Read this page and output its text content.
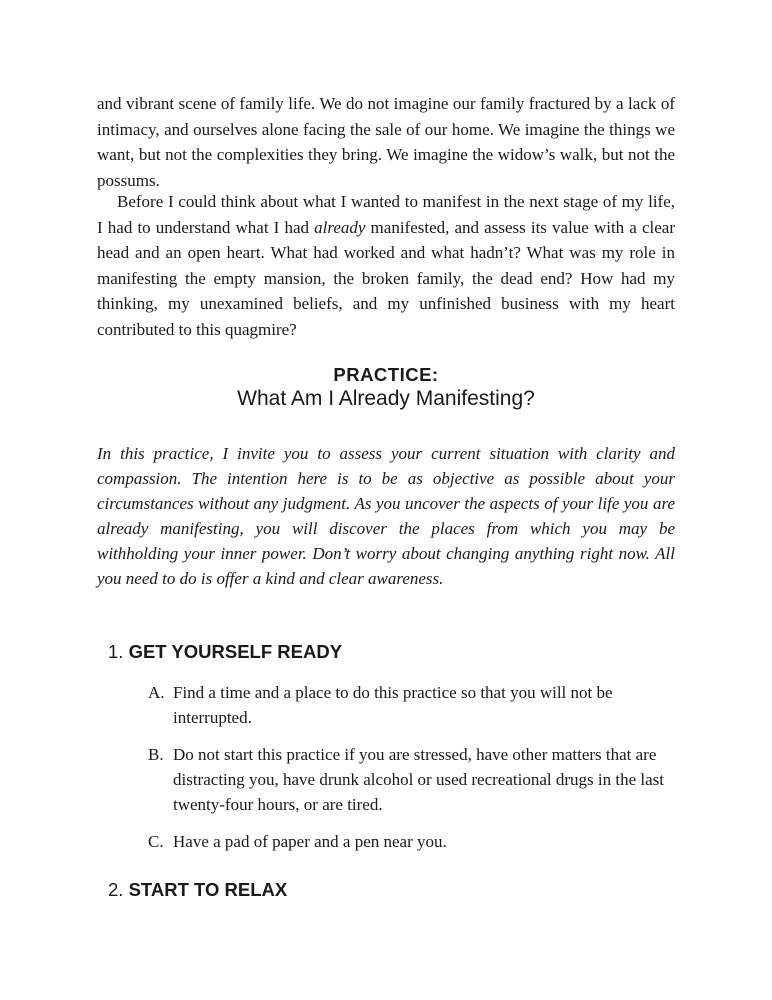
and vibrant scene of family life. We do not imagine our family fractured by a lack of intimacy, and ourselves alone facing the sale of our home. We imagine the things we want, but not the complexities they bring. We imagine the widow’s walk, but not the possums.

Before I could think about what I wanted to manifest in the next stage of my life, I had to understand what I had already manifested, and assess its value with a clear head and an open heart. What had worked and what hadn’t? What was my role in manifesting the empty mansion, the broken family, the dead end? How had my thinking, my unexamined beliefs, and my unfinished business with my heart contributed to this quagmire?

PRACTICE:

What Am I Already Manifesting?

In this practice, I invite you to assess your current situation with clarity and compassion. The intention here is to be as objective as possible about your circumstances without any judgment. As you uncover the aspects of your life you are already manifesting, you will discover the places from which you may be withholding your inner power. Don’t worry about changing anything right now. All you need to do is offer a kind and clear awareness.

1. GET YOURSELF READY

A. Find a time and a place to do this practice so that you will not be interrupted.
B. Do not start this practice if you are stressed, have other matters that are distracting you, have drunk alcohol or used recreational drugs in the last twenty-four hours, or are tired.
C. Have a pad of paper and a pen near you.

2. START TO RELAX
